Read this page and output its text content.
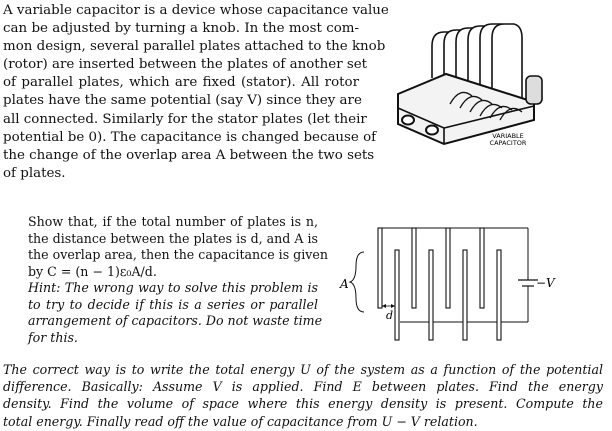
A variable capacitor is a device whose capacitance value
can be adjusted by turning a knob. In the most com-
mon design, several parallel plates attached to the knob
(rotor) are inserted between the plates of another set
of parallel plates, which are fixed (stator). All rotor
plates have the same potential (say V) since they are
all connected. Similarly for the stator plates (let their
potential be 0). The capacitance is changed because of
the change of the overlap area A between the two sets
of plates.
VARIABLE
CAPACITOR
Show that, if the total number of plates is n,
the distance between the plates is d, and A is
the overlap area, then the capacitance is given
by C = (n − 1)ε₀A/d.
Hint: The wrong way to solve this problem is
to try to decide if this is a series or parallel
arrangement of capacitors. Do not waste time
for this.
V
−
A
d
The correct way is to write the total energy U of the system as a function of the potential
difference. Basically: Assume V is applied. Find E between plates. Find the energy
density. Find the volume of space where this energy density is present. Compute the
total energy. Finally read off the value of capacitance from U − V relation.
